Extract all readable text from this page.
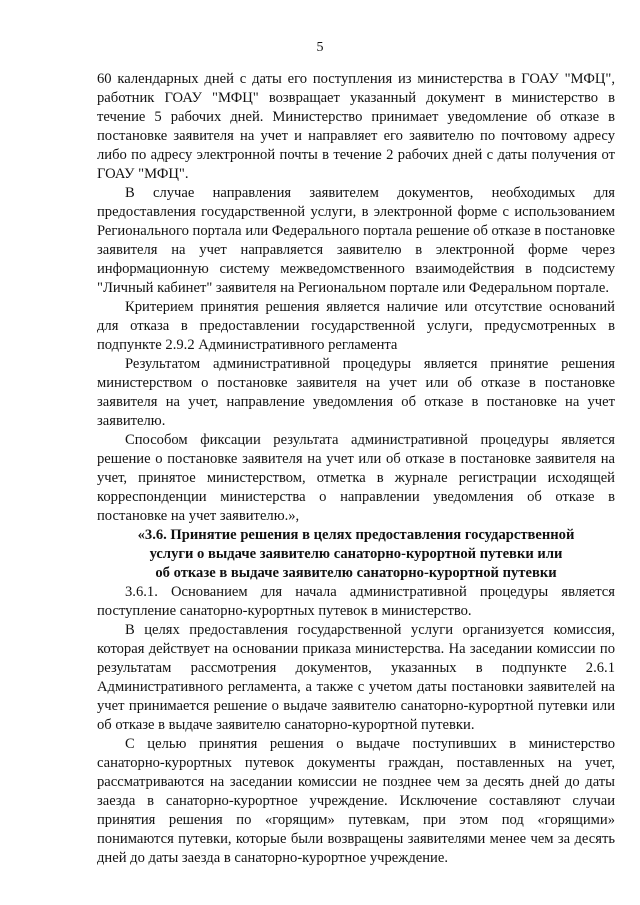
5

60 календарных дней с даты его поступления из министерства в ГОАУ "МФЦ", работник ГОАУ "МФЦ" возвращает указанный документ в министерство в течение 5 рабочих дней. Министерство принимает уведомление об отказе в постановке заявителя на учет и направляет его заявителю по почтовому адресу либо по адресу электронной почты в течение 2 рабочих дней с даты получения от ГОАУ "МФЦ".

В случае направления заявителем документов, необходимых для предоставления государственной услуги, в электронной форме с использованием Регионального портала или Федерального портала решение об отказе в постановке заявителя на учет направляется заявителю в электронной форме через информационную систему межведомственного взаимодействия в подсистему "Личный кабинет" заявителя на Региональном портале или Федеральном портале.

Критерием принятия решения является наличие или отсутствие оснований для отказа в предоставлении государственной услуги, предусмотренных в подпункте 2.9.2 Административного регламента

Результатом административной процедуры является принятие решения министерством о постановке заявителя на учет или об отказе в постановке заявителя на учет, направление уведомления об отказе в постановке на учет заявителю.

Способом фиксации результата административной процедуры является решение о постановке заявителя на учет или об отказе в постановке заявителя на учет, принятое министерством, отметка в журнале регистрации исходящей корреспонденции министерства о направлении уведомления об отказе в постановке на учет заявителю.»,

«3.6. Принятие решения в целях предоставления государственной
услуги о выдаче заявителю санаторно-курортной путевки или
об отказе в выдаче заявителю санаторно-курортной путевки

3.6.1. Основанием для начала административной процедуры является поступление санаторно-курортных путевок в министерство.

В целях предоставления государственной услуги организуется комиссия, которая действует на основании приказа министерства. На заседании комиссии по результатам рассмотрения документов, указанных в подпункте 2.6.1 Административного регламента, а также с учетом даты постановки заявителей на учет принимается решение о выдаче заявителю санаторно-курортной путевки или об отказе в выдаче заявителю санаторно-курортной путевки.

С целью принятия решения о выдаче поступивших в министерство санаторно-курортных путевок документы граждан, поставленных на учет, рассматриваются на заседании комиссии не позднее чем за десять дней до даты заезда в санаторно-курортное учреждение. Исключение составляют случаи принятия решения по «горящим» путевкам, при этом под «горящими» понимаются путевки, которые были возвращены заявителями менее чем за десять дней до даты заезда в санаторно-курортное учреждение.
